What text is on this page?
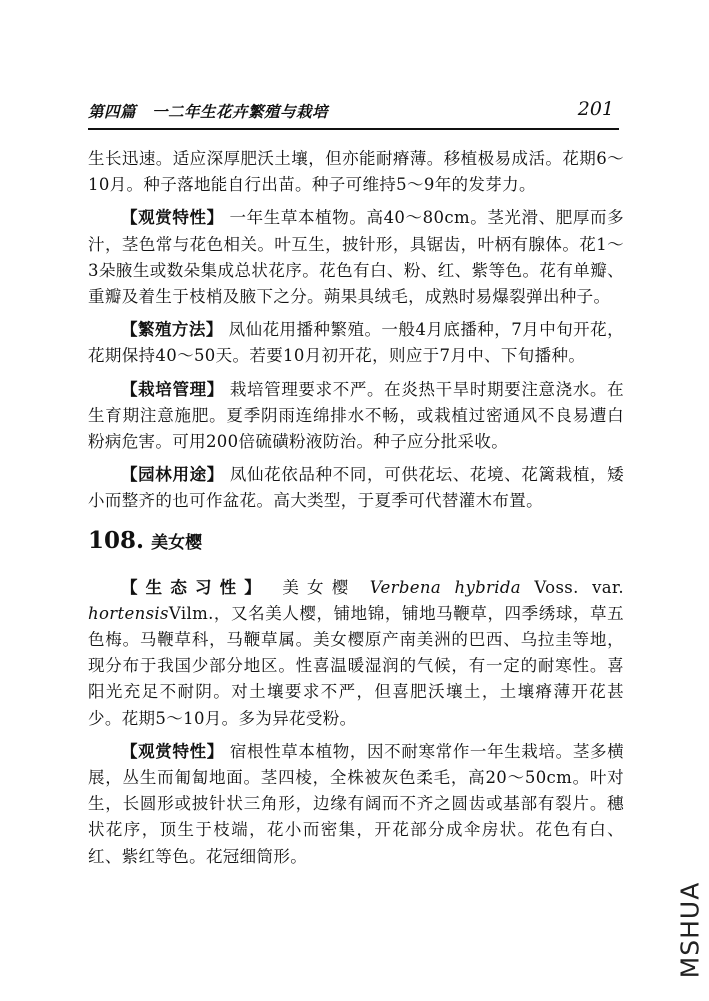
第四篇　一二年生花卉繁殖与栽培	201

生长迅速。适应深厚肥沃土壤，但亦能耐瘠薄。移植极易成活。花期6～10月。种子落地能自行出苗。种子可维持5～9年的发芽力。

【观赏特性】 一年生草本植物。高40～80cm。茎光滑、肥厚而多汁，茎色常与花色相关。叶互生，披针形，具锯齿，叶柄有腺体。花1～3朵腋生或数朵集成总状花序。花色有白、粉、红、紫等色。花有单瓣、重瓣及着生于枝梢及腋下之分。蒴果具绒毛，成熟时易爆裂弹出种子。

【繁殖方法】 凤仙花用播种繁殖。一般4月底播种，7月中旬开花，花期保持40～50天。若要10月初开花，则应于7月中、下旬播种。

【栽培管理】 栽培管理要求不严。在炎热干旱时期要注意浇水。在生育期注意施肥。夏季阴雨连绵排水不畅，或栽植过密通风不良易遭白粉病危害。可用200倍硫磺粉液防治。种子应分批采收。

【园林用途】 凤仙花依品种不同，可供花坛、花境、花篱栽植，矮小而整齐的也可作盆花。高大类型，于夏季可代替灌木布置。

108. 美女樱

【生态习性】 美女樱 Verbena hybrida Voss. var. hortensisVilm.，又名美人樱，铺地锦，铺地马鞭草，四季绣球，草五色梅。马鞭草科，马鞭草属。美女樱原产南美洲的巴西、乌拉圭等地，现分布于我国少部分地区。性喜温暖湿润的气候，有一定的耐寒性。喜阳光充足不耐阴。对土壤要求不严，但喜肥沃壤土，土壤瘠薄开花甚少。花期5～10月。多为异花受粉。

【观赏特性】 宿根性草本植物，因不耐寒常作一年生栽培。茎多横展，丛生而匍匐地面。茎四棱，全株被灰色柔毛，高20～50cm。叶对生，长圆形或披针状三角形，边缘有阔而不齐之圆齿或基部有裂片。穗状花序，顶生于枝端，花小而密集，开花部分成伞房状。花色有白、红、紫红等色。花冠细筒形。

MSHUA
